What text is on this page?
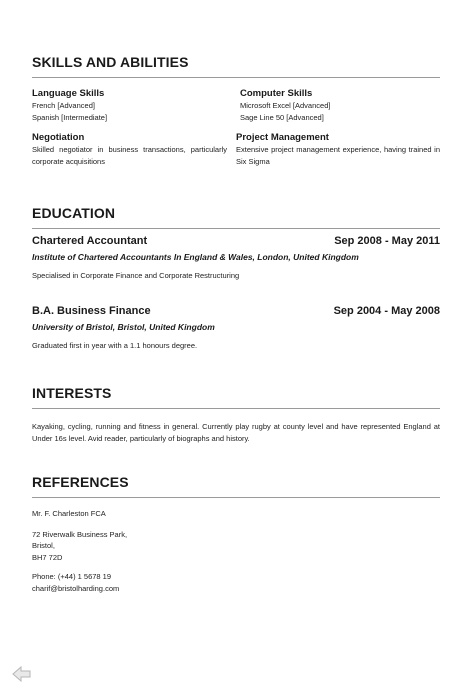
SKILLS AND ABILITIES

Language Skills

French [Advanced]

Spanish [Intermediate]

Computer Skills

Microsoft Excel [Advanced]

Sage Line 50 [Advanced]

Negotiation

Skilled negotiator in business transactions, particularly corporate acquisitions

Project Management

Extensive project management experience, having trained in Six Sigma

EDUCATION
Chartered Accountant	Sep 2008 - May 2011
Institute of Chartered Accountants In England & Wales, London, United Kingdom
Specialised in Corporate Finance and Corporate Restructuring
B.A. Business Finance	Sep 2004 - May 2008
University of Bristol, Bristol, United Kingdom
Graduated first in year with a 1.1 honours degree.
INTERESTS

Kayaking, cycling, running and fitness in general. Currently play rugby at county level and have represented England at Under 16s level. Avid reader, particularly of biographs and history.

REFERENCES

Mr. F. Charleston FCA

72 Riverwalk Business Park,

Bristol,

BH7 72D

Phone: (+44) 1 5678 19

charif@bristolharding.com
